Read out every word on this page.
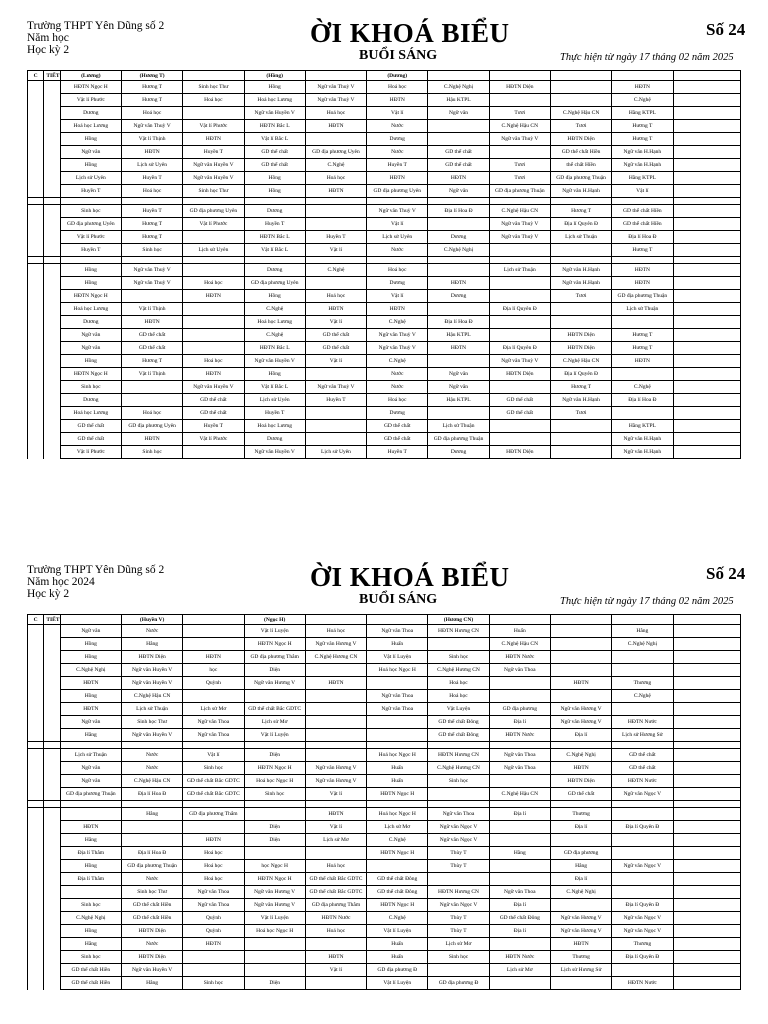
Trường THPT Yên Dũng số 2
Năm học
Học kỳ 2
ỜI KHOÁ BIỂU
BUỔI SÁNG
Số 24
Thực hiện từ ngày 17 tháng 02 năm 2025
C	TIẾT	(Lương)	(Hương T)		(Hồng)		(Dương)					
		HĐTN Ngọc H	Hương T	Sinh học Thư	Hồng	Ngữ văn Thuỳ V	Hoá học	C.Nghệ Nghị	HĐTN Diện		HĐTN	
		Vật lí Phước	Hương T	Hoá học	Hoá học Lương	Ngữ văn Thuỳ V	HĐTN	Hậu KTPL			C.Nghệ	
		Dương	Hoá học		Ngữ văn Huyền V	Hoá học	Vật lí	Ngữ văn	Tươi	C.Nghệ Hậu CN	Hằng KTPL	
		Hoá học Lương	Ngữ văn Thuỳ V	Vật lí Phước	HĐTN Bắc L	HĐTN	Nước		C.Nghệ Hậu CN	Tươi	Hương T	
		Hồng	Vật lí Thịnh	HĐTN	Vật lí Bắc L		Dương		Ngữ văn Thuỳ V	HĐTN Diện	Hương T	
		Ngữ văn	HĐTN	Huyền T	GD thể chất	GD địa phương Uyên	Nước	GD thể chất		GD thể chất Hiền	Ngữ văn H.Hạnh	
		Hồng	Lịch sử Uyên	Ngữ văn Huyền V	GD thể chất	C.Nghệ	Huyền T	GD thể chất	Tươi	thể chất Hiền	Ngữ văn H.Hạnh	
		Lịch sử Uyên	Huyền T	Ngữ văn Huyền V	Hồng	Hoá học	HĐTN	HĐTN	Tươi	GD địa phương Thuận	Hằng KTPL	
		Huyền T	Hoá học	Sinh học Thư	Hồng	HĐTN	GD địa phương Uyên	Ngữ văn	GD địa phương Thuận	Ngữ văn H.Hạnh	Vật lí	

		Sinh học	Huyền T	GD địa phương Uyên	Dương		Ngữ văn Thuỳ V	Địa lí Hoa Đ	C.Nghệ Hậu CN	Hương T	GD thể chất Hiền	
		GD địa phương Uyên	Hương T	Vật lí Phước	Huyền T		Vật lí		Ngữ văn Thuỳ V	Địa lí Quyên Đ	GD thể chất Hiền	
		Vật lí Phước	Hương T		HĐTN Bắc L	Huyền T	Lịch sử Uyên	Dương	Ngữ văn Thuỳ V	Lịch sử Thuận	Địa lí Hoa Đ	
		Huyền T	Sinh học	Lịch sử Uyên	Vật lí Bắc L	Vật lí	Nước	C.Nghệ Nghị			Hương T	

		Hồng	Ngữ văn Thuỳ V		Dương	C.Nghệ	Hoá học		Lịch sử Thuận	Ngữ văn H.Hạnh	HĐTN	
		Hồng	Ngữ văn Thuỳ V	Hoá học	GD địa phương Uyên		Dương	HĐTN		Ngữ văn H.Hạnh	HĐTN	
		HĐTN Ngọc H		HĐTN	Hồng	Hoá học	Vật lí	Dương		Tươi	GD địa phương Thuận	
		Hoá học Lương	Vật lí Thịnh		C.Nghệ	HĐTN	HĐTN		Địa lí Quyên Đ		Lịch sử Thuận	
		Dương	HĐTN		Hoá học Lương	Vật lí	C.Nghệ	Địa lí Hoa Đ				
		Ngữ văn	GD thể chất		C.Nghệ	GD thể chất	Ngữ văn Thuỳ V	Hậu KTPL		HĐTN Diện	Hương T	
		Ngữ văn	GD thể chất		HĐTN Bắc L	GD thể chất	Ngữ văn Thuỳ V	HĐTN	Địa lí Quyên Đ	HĐTN Diện	Hương T	
		Hồng	Hương T	Hoá học	Ngữ văn Huyền V	Vật lí	C.Nghệ		Ngữ văn Thuỳ V	C.Nghệ Hậu CN	HĐTN	
		HĐTN Ngọc H	Vật lí Thịnh	HĐTN	Hồng		Nước	Ngữ văn	HĐTN Diện	Địa lí Quyên Đ		
		Sinh học		Ngữ văn Huyền V	Vật lí Bắc L	Ngữ văn Thuỳ V	Nước	Ngữ văn		Hương T	C.Nghệ	
		Dương		GD thể chất	Lịch sử Uyên	Huyền T	Hoá học	Hậu KTPL	GD thể chất	Ngữ văn H.Hạnh	Địa lí Hoa Đ	
		Hoá học Lương	Hoá học	GD thể chất	Huyền T		Dương		GD thể chất	Tươi		
		GD thể chất	GD địa phương Uyên	Huyền T	Hoá học Lương		GD thể chất	Lịch sử Thuận			Hằng KTPL	
		GD thể chất	HĐTN	Vật lí Phước	Dương		GD thể chất	GD địa phương Thuận			Ngữ văn H.Hạnh	
		Vật lí Phước	Sinh học		Ngữ văn Huyền V	Lịch sử Uyên	Huyền T	Dương	HĐTN Diện		Ngữ văn H.Hạnh	
Trường THPT Yên Dũng số 2
Năm học 2024
Học kỳ 2
ỜI KHOÁ BIỂU
BUỔI SÁNG
Số 24
Thực hiện từ ngày 17 tháng 02 năm 2025
C	TIẾT		(Huyền V)		(Ngọc H)			(Hương CN)				
		Ngữ văn	Nước		Vật lí Luyện	Hoá học	Ngữ văn Thoa	HĐTN Hương CN	Huấn		Hằng	
		Hồng	Hằng		HĐTN Ngọc H	Ngữ văn Hương V	Huấn		C.Nghệ Hậu CN		C.Nghệ Nghị	
		Hồng	HĐTN Diện	HĐTN	GD địa phương Thắm	C.Nghệ Hương CN	Vật lí Luyện	Sinh học	HĐTN Nước			
		C.Nghệ Nghị	Ngữ văn Huyền V	học	Diện		Hoá học Ngọc H	C.Nghệ Hương CN	Ngữ văn Thoa			
		HĐTN	Ngữ văn Huyền V	Quỳnh	Ngữ văn Hương V	HĐTN		Hoá học		HĐTN	Thương	
		Hồng	C.Nghệ Hậu CN				Ngữ văn Thoa	Hoá học			C.Nghệ	
		HĐTN	Lịch sử Thuận	Lịch sử Mơ	GD thể chất Bắc GDTC		Ngữ văn Thoa	Vật Luyện	GD địa phương	Ngữ văn Hương V		
		Ngữ văn	Sinh học Thư	Ngữ văn Thoa	Lịch sử Mơ			GD thể chất Đông	Địa lí	Ngữ văn Hương V	HĐTN Nước	
		Hằng	Ngữ văn Huyền V	Ngữ văn Thoa	Vật lí Luyện			GD thể chất Đông	HĐTN Nước	Địa lí	Lịch sử Hương Sử	

		Lịch sử Thuận	Nước	Vật lí	Diện		Hoá học Ngọc H	HĐTN Hương CN	Ngữ văn Thoa	C.Nghệ Nghị	GD thể chất	
		Ngữ văn	Nước	Sinh học	HĐTN Ngọc H	Ngữ văn Hương V	Huấn	C.Nghệ Hương CN	Ngữ văn Thoa	HĐTN	GD thể chất	
		Ngữ văn	C.Nghệ Hậu CN	GD thể chất Bắc GDTC	Hoá học Ngọc H	Ngữ văn Hương V	Huấn	Sinh học		HĐTN Diện	HĐTN Nước	
		GD địa phương Thuận	Địa lí Hoa Đ	GD thể chất Bắc GDTC	Sinh học	Vật lí	HĐTN Ngọc H		C.Nghệ Hậu CN	GD thể chất	Ngữ văn Ngọc V	

			Hằng	GD địa phương Thắm		HĐTN	Hoá học Ngọc H	Ngữ văn Thoa	Địa lí	Thương		
		HĐTN			Diện	Vật lí	Lịch sử Mơ	Ngữ văn Ngọc V		Địa lí	Địa lí Quyên Đ	
		Hằng		HĐTN	Diện	Lịch sử Mơ	C.Nghệ	Ngữ văn Ngọc V				
		Địa lí Thắm	Địa lí Hoa Đ	Hoá học			HĐTN Ngọc H	Thùy T	Hằng	GD địa phương		
		Hồng	GD địa phương Thuận	Hoá học	học Ngọc H	Hoá học		Thùy T		Hằng	Ngữ văn Ngọc V	
		Địa lí Thắm	Nước	Hoá học	HĐTN Ngọc H	GD thể chất Bắc GDTC	GD thể chất Đông			Địa lí		
			Sinh học Thư	Ngữ văn Thoa	Ngữ văn Hương V	GD thể chất Bắc GDTC	GD thể chất Đông	HĐTN Hương CN	Ngữ văn Thoa	C.Nghệ Nghị		
		Sinh học	GD thể chất Hiền	Ngữ văn Thoa	Ngữ văn Hương V	GD địa phương Thắm	HĐTN Ngọc H	Ngữ văn Ngọc V	Địa lí		Địa lí Quyên Đ	
		C.Nghệ Nghị	GD thể chất Hiền	Quỳnh	Vật lí Luyện	HĐTN Nước	C.Nghệ	Thùy T	GD thể chất Đông	Ngữ văn Hương V	Ngữ văn Ngọc V	
		Hồng	HĐTN Diện	Quỳnh	Hoá học Ngọc H	Hoá học	Vật lí Luyện	Thùy T	Địa lí	Ngữ văn Hương V	Ngữ văn Ngọc V	
		Hằng	Nước	HĐTN			Huấn	Lịch sử Mơ		HĐTN	Thương	
		Sinh học	HĐTN Diện			HĐTN	Huấn	Sinh học	HĐTN Nước	Thương	Địa lí Quyên Đ	
		GD thể chất Hiền	Ngữ văn Huyền V			Vật lí	GD địa phương Đ		Lịch sử Mơ	Lịch sử Hương Sử		
		GD thể chất Hiền	Hằng	Sinh học	Diện		Vật lí Luyện	GD địa phương Đ			HĐTN Nước	
